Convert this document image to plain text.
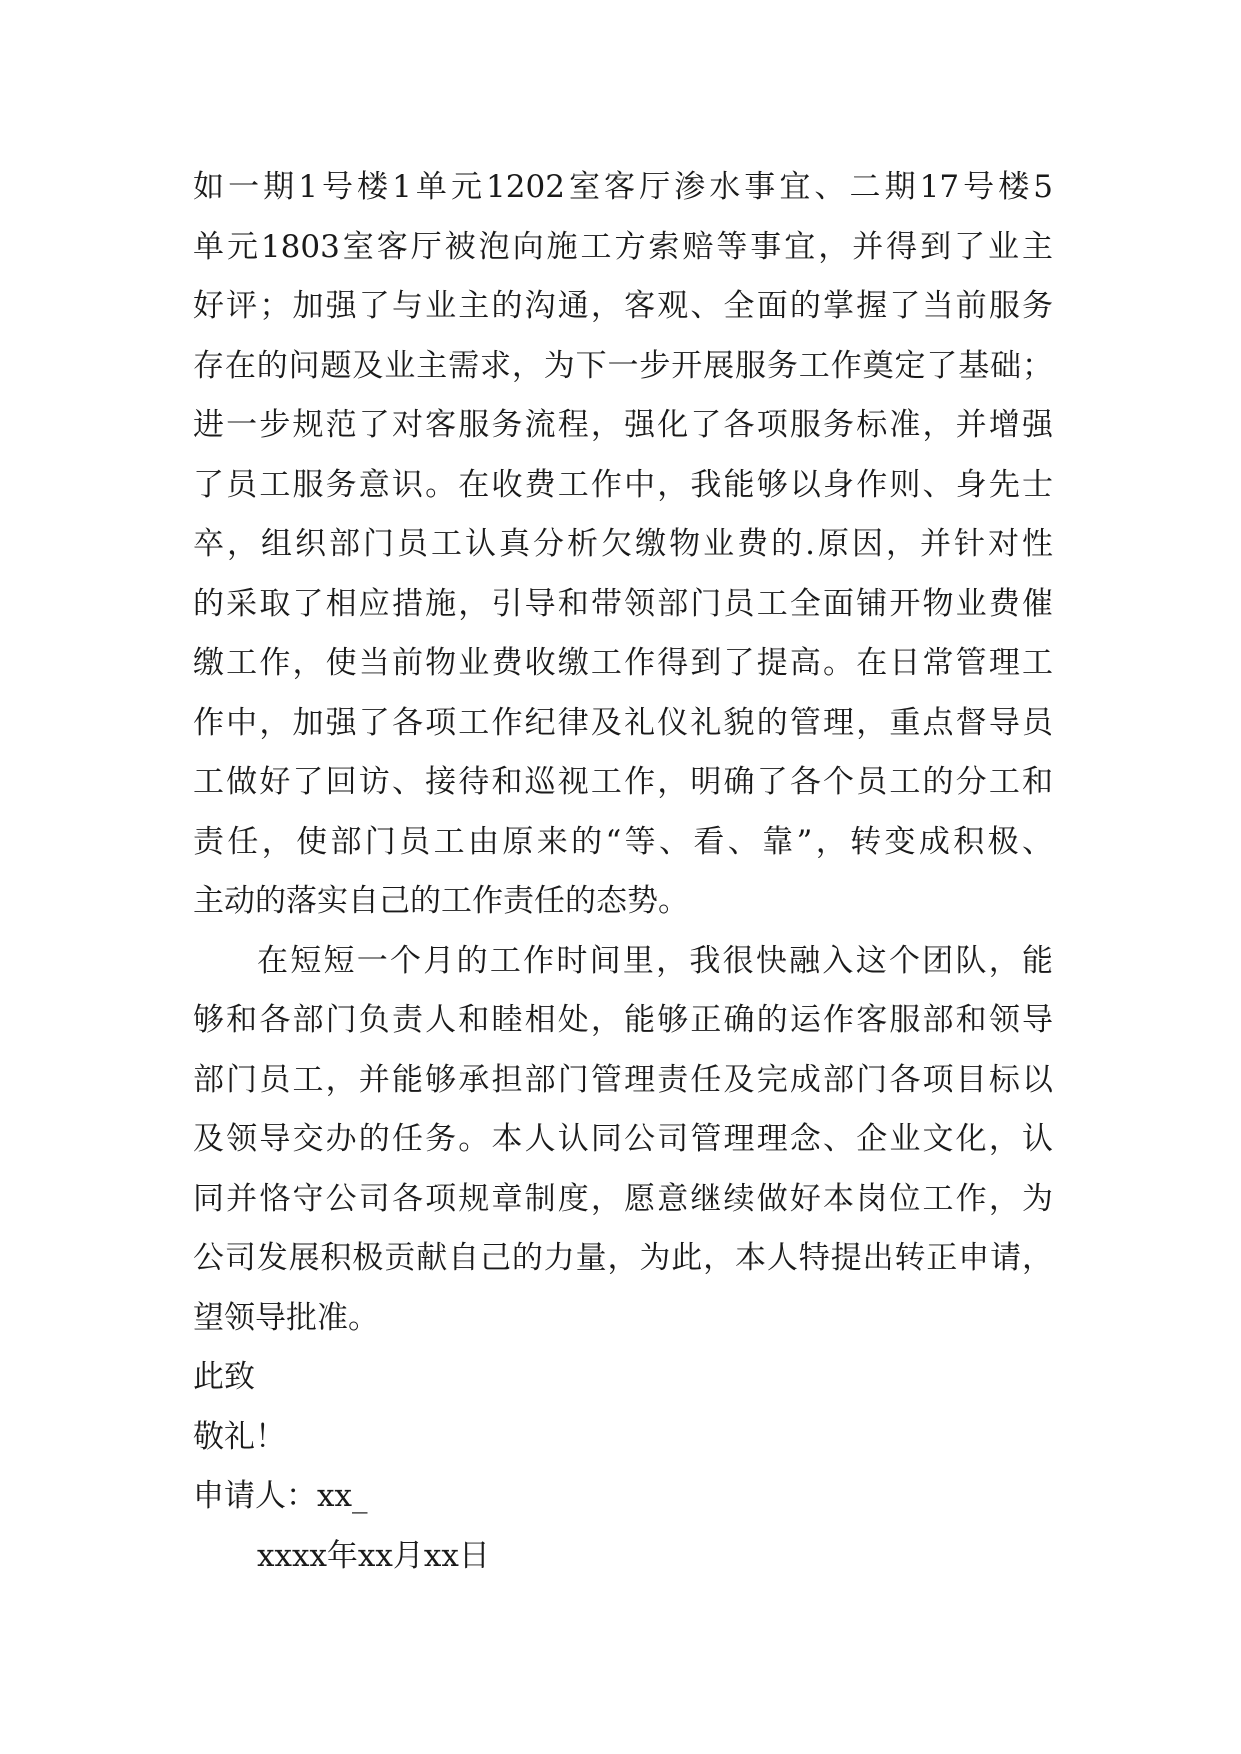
如一期1号楼1单元1202室客厅渗水事宜、二期17号楼5
单元1803室客厅被泡向施工方索赔等事宜，并得到了业主
好评；加强了与业主的沟通，客观、全面的掌握了当前服务
存在的问题及业主需求，为下一步开展服务工作奠定了基础；
进一步规范了对客服务流程，强化了各项服务标准，并增强
了员工服务意识。在收费工作中，我能够以身作则、身先士
卒，组织部门员工认真分析欠缴物业费的.原因，并针对性
的采取了相应措施，引导和带领部门员工全面铺开物业费催
缴工作，使当前物业费收缴工作得到了提高。在日常管理工
作中，加强了各项工作纪律及礼仪礼貌的管理，重点督导员
工做好了回访、接待和巡视工作，明确了各个员工的分工和
责任，使部门员工由原来的“等、看、靠”，转变成积极、
主动的落实自己的工作责任的态势。
在短短一个月的工作时间里，我很快融入这个团队，能
够和各部门负责人和睦相处，能够正确的运作客服部和领导
部门员工，并能够承担部门管理责任及完成部门各项目标以
及领导交办的任务。本人认同公司管理理念、企业文化，认
同并恪守公司各项规章制度，愿意继续做好本岗位工作，为
公司发展积极贡献自己的力量，为此，本人特提出转正申请，
望领导批准。
此致
敬礼！
申请人：xx_
xxxx年xx月xx日
